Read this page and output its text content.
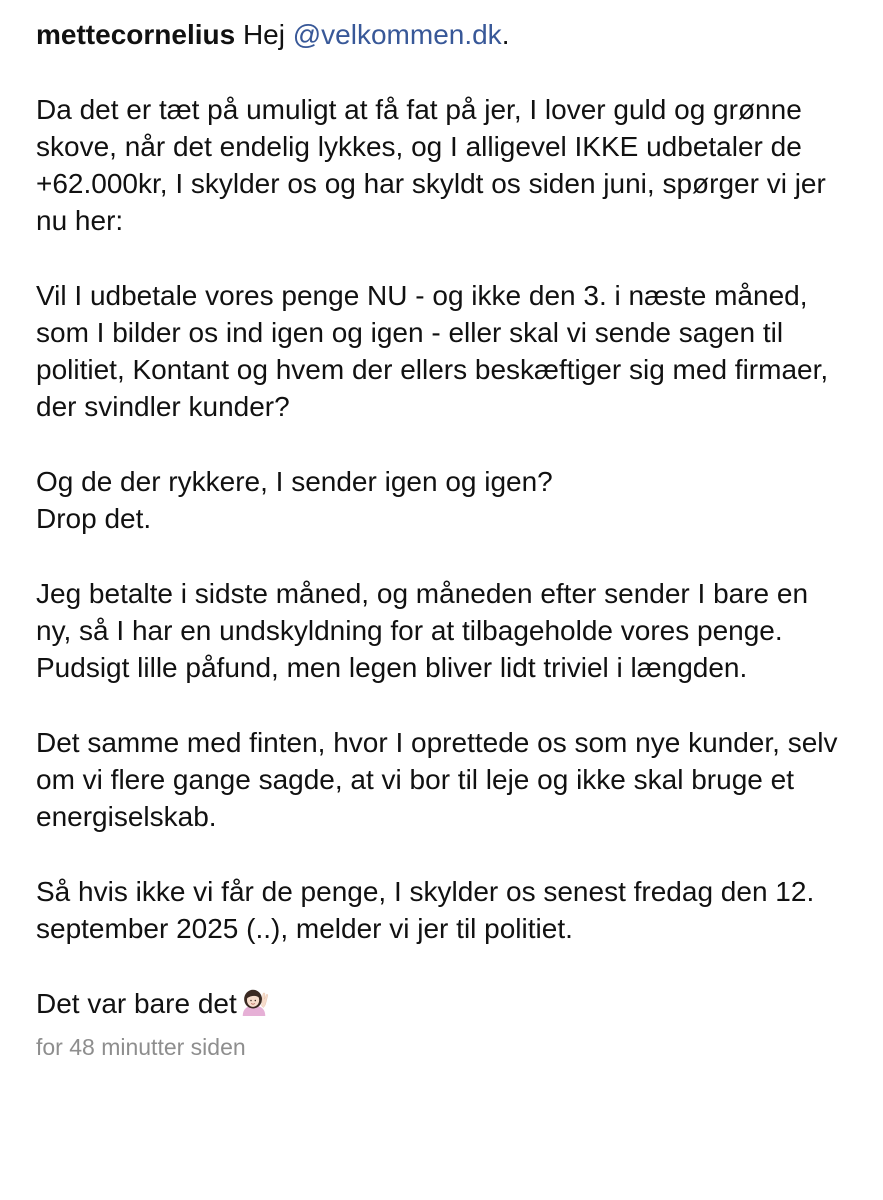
mettecornelius Hej @velkommen.dk.

Da det er tæt på umuligt at få fat på jer, I lover guld og grønne skove, når det endelig lykkes, og I alligevel IKKE udbetaler de +62.000kr, I skylder os og har skyldt os siden juni, spørger vi jer nu her:

Vil I udbetale vores penge NU - og ikke den 3. i næste måned, som I bilder os ind igen og igen - eller skal vi sende sagen til politiet, Kontant og hvem der ellers beskæftiger sig med firmaer, der svindler kunder?

Og de der rykkere, I sender igen og igen?
Drop det.

Jeg betalte i sidste måned, og måneden efter sender I bare en ny, så I har en undskyldning for at tilbageholde vores penge.
Pudsigt lille påfund, men legen bliver lidt triviel i længden.

Det samme med finten, hvor I oprettede os som nye kunder, selv om vi flere gange sagde, at vi bor til leje og ikke skal bruge et energiselskab.

Så hvis ikke vi får de penge, I skylder os senest fredag den 12. september 2025 (..), melder vi jer til politiet.

Det var bare det

for 48 minutter siden
